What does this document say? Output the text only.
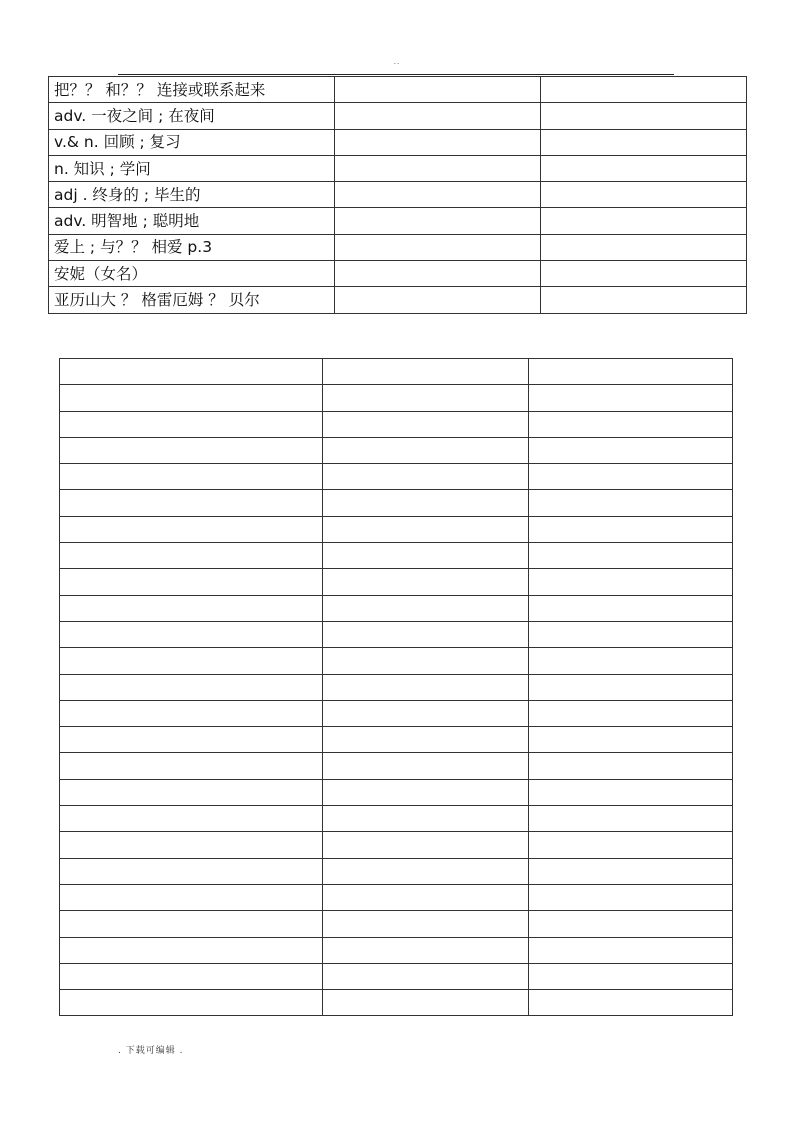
..
把？？ 和？？ 连接或联系起来		
adv. 一夜之间 ; 在夜间		
v.& n. 回顾 ; 复习		
n. 知识 ; 学问		
adj . 终身的 ; 毕生的		
adv. 明智地 ; 聪明地		
爱上 ; 与？？ 相爱 p.3		
安妮（女名）		
亚历山大 ？ 格雷厄姆 ？ 贝尔		

. 下载可编辑 .
